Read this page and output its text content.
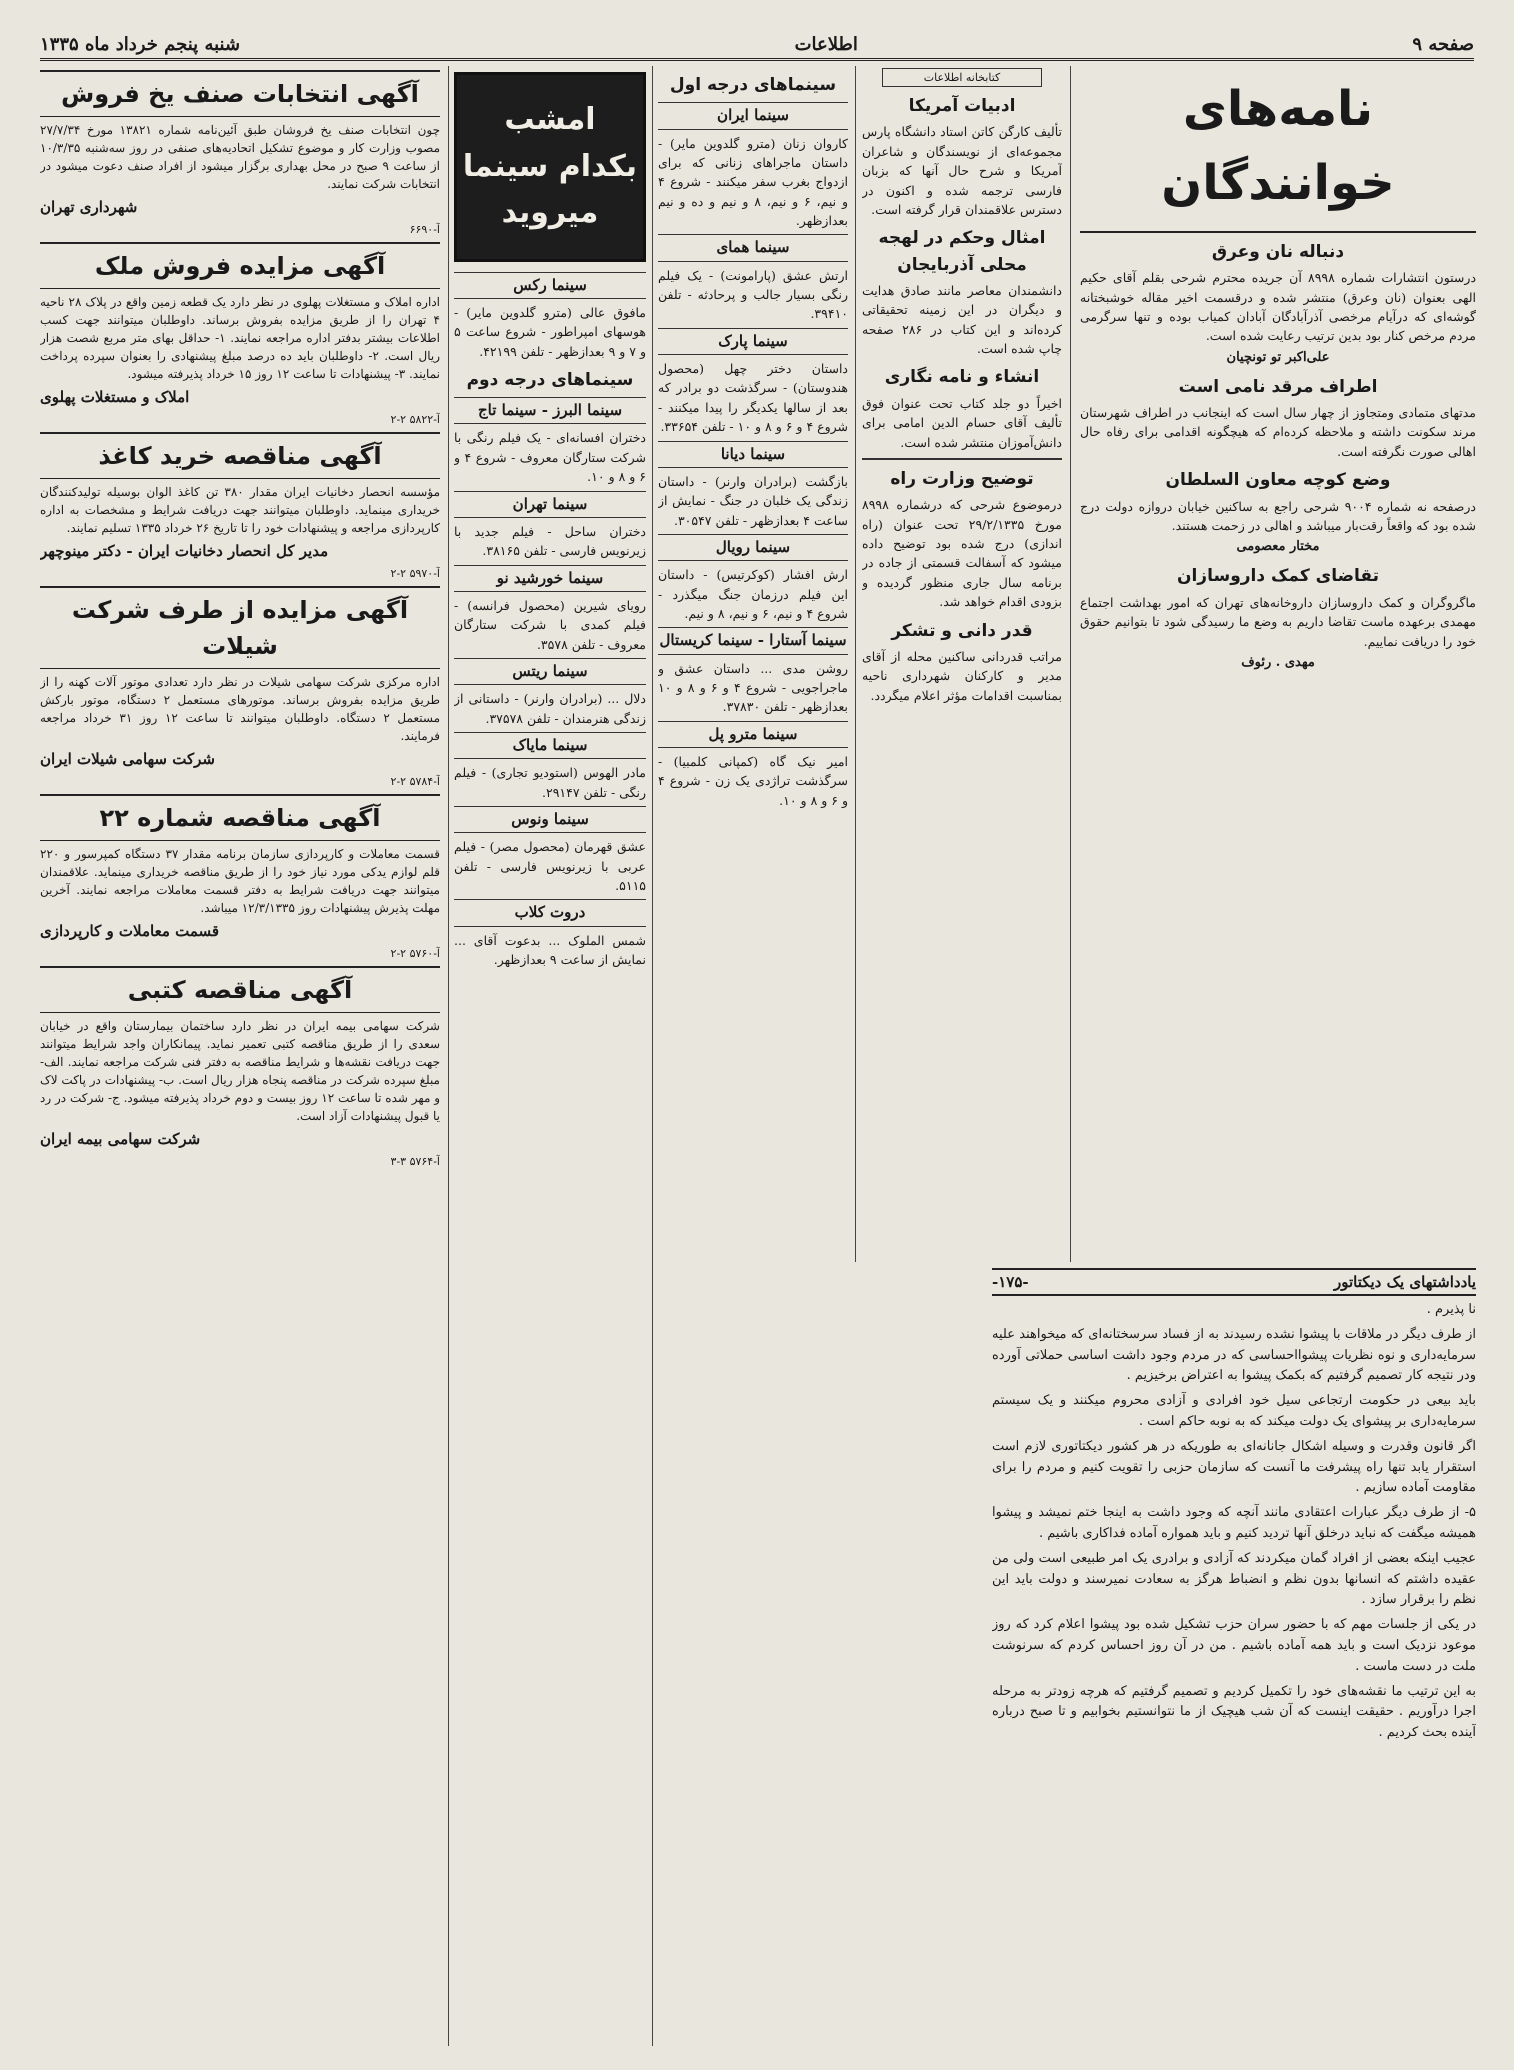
صفحه ۹
اطلاعات
شنبه پنجم خرداد ماه ۱۳۳۵
نامه‌های خوانندگان
دنباله نان وعرق
درستون انتشارات شماره ۸۹۹۸ آن جریده محترم شرحی بقلم آقای حکیم الهی بعنوان (نان وعرق) منتشر شده و درقسمت اخیر مقاله خوشبختانه گوشه‌ای که درآیام مرخصی آذرآبادگان آبادان کمیاب بوده و تنها سرگرمی مردم مرخص کنار بود بدین ترتیب رعایت شده است.
علی‌اکبر تو تونچیان
اطراف مرقد نامی است
مدتهای متمادی ومتجاوز از چهار سال است که اینجانب در اطراف شهرستان مرند سکونت داشته و ملاحظه کرده‌ام که هیچگونه اقدامی برای رفاه حال اهالی صورت نگرفته است.
وضع کوچه معاون السلطان
درصفحه نه شماره ۹۰۰۴ شرحی راجع به ساکنین خیابان دروازه دولت درج شده بود که واقعاً رقت‌بار میباشد و اهالی در زحمت هستند.
مختار معصومی
تقاضای کمک داروسازان
ماگروگران و کمک داروسازان داروخانه‌های تهران که امور بهداشت اجتماع مهمدی برعهده ماست تقاضا داریم به وضع ما رسیدگی شود تا بتوانیم حقوق خود را دریافت نماییم.
مهدی . رئوف
کتابخانه اطلاعات
ادبیات آمریکا
تألیف کارگن کاتن استاد دانشگاه پارس مجموعه‌ای از نویسندگان و شاعران آمریکا و شرح حال آنها که بزبان فارسی ترجمه شده و اکنون در دسترس علاقمندان قرار گرفته است.
امثال وحکم در لهجه محلی آذربایجان
دانشمندان معاصر مانند صادق هدایت و دیگران در این زمینه تحقیقاتی کرده‌اند و این کتاب در ۲۸۶ صفحه چاپ شده است.
انشاء و نامه نگاری
اخیراً دو جلد کتاب تحت عنوان فوق تألیف آقای حسام الدین امامی برای دانش‌آموزان منتشر شده است.
توضیح وزارت راه
درموضوع شرحی که درشماره ۸۹۹۸ مورخ ۲۹/۲/۱۳۳۵ تحت عنوان (راه اندازی)‌ درج شده بود توضیح داده میشود که آسفالت قسمتی از جاده در برنامه سال جاری منظور گردیده و بزودی اقدام خواهد شد.
قدر دانی و تشکر
مراتب قدردانی ساکنین محله از آقای مدیر و کارکنان شهرداری ناحیه بمناسبت اقدامات مؤثر اعلام میگردد.
سینماهای درجه اول
سینما ایران
کاروان زنان (مترو گلدوین مایر) - داستان ماجراهای زنانی که برای ازدواج بغرب سفر میکنند - شروع ۴ و نیم، ۶ و نیم، ۸ و نیم و ده و نیم بعدازظهر.
سینما همای
ارتش عشق (پارامونت) - یک فیلم رنگی بسیار جالب و پرحادثه - تلفن ۳۹۴۱۰.
سینما پارک
داستان دختر چهل (محصول هندوستان) - سرگذشت دو برادر که بعد از سالها یکدیگر را پیدا میکنند - شروع ۴ و ۶ و ۸ و ۱۰ - تلفن ۳۳۶۵۴.
سینما دیانا
بازگشت (برادران وارنر) - داستان زندگی یک خلبان در جنگ - نمایش از ساعت ۴ بعدازظهر - تلفن ۳۰۵۴۷.
سینما رویال
ارش افشار (کوکرتیس) - داستان این فیلم درزمان جنگ میگذرد - شروع ۴ و نیم، ۶ و نیم، ۸ و نیم.
سینما آستارا - سینما کریستال
روشن مدی ... داستان عشق و ماجراجویی - شروع ۴ و ۶ و ۸ و ۱۰ بعدازظهر - تلفن ۳۷۸۳۰.
سینما مترو پل
امیر نیک گاه (کمپانی کلمبیا) - سرگذشت تراژدی یک زن - شروع ۴ و ۶ و ۸ و ۱۰.
امشب بکدام سینما میروید
سینما رکس
مافوق عالی (مترو گلدوین مایر) - هوسهای امپراطور - شروع ساعت ۵ و ۷ و ۹ بعدازظهر - تلفن ۴۲۱۹۹.
سینماهای درجه دوم
سینما البرز - سینما تاج
دختران افسانه‌ای - یک فیلم رنگی با شرکت ستارگان معروف - شروع ۴ و ۶ و ۸ و ۱۰.
سینما تهران
دختران ساحل - فیلم جدید با زیرنویس فارسی - تلفن ۳۸۱۶۵.
سینما خورشید نو
رویای شیرین (محصول فرانسه) - فیلم کمدی با شرکت ستارگان معروف - تلفن ۳۵۷۸.
سینما ریتس
دلال ... (برادران وارنر) - داستانی از زندگی هنرمندان - تلفن ۳۷۵۷۸.
سینما مایاک
مادر الهوس (استودیو تجاری) - فیلم رنگی - تلفن ۲۹۱۴۷.
سینما ونوس
عشق قهرمان (محصول مصر) - فیلم عربی با زیرنویس فارسی - تلفن ۵۱۱۵.
دروت کلاب
شمس الملوک ... بدعوت آقای ... نمایش از ساعت ۹ بعدازظهر.
آگهی انتخابات صنف یخ فروش
چون انتخابات صنف یخ فروشان طبق آئین‌نامه شماره ۱۳۸۲۱ مورخ ۲۷/۷/۳۴ مصوب وزارت کار و موضوع تشکیل اتحادیه‌های صنفی در روز سه‌شنبه ۱۰/۳/۳۵ از ساعت ۹ صبح در محل بهداری برگزار میشود از افراد صنف دعوت میشود در انتخابات شرکت نمایند.
شهرداری تهران
آ-۶۶۹۰
آگهی مزایده فروش ملک
اداره املاک و مستغلات پهلوی در نظر دارد یک قطعه زمین واقع در پلاک ۲۸ ناحیه ۴ تهران را از طریق مزایده بفروش برساند. داوطلبان میتوانند جهت کسب اطلاعات بیشتر بدفتر اداره مراجعه نمایند. ۱- حداقل بهای متر مربع شصت هزار ریال است. ۲- داوطلبان باید ده درصد مبلغ پیشنهادی را بعنوان سپرده پرداخت نمایند. ۳- پیشنهادات تا ساعت ۱۲ روز ۱۵ خرداد پذیرفته میشود.
املاک و مستغلات پهلوی
آ-۵۸۲۲ ۲-۲
آگهی مناقصه خرید کاغذ
مؤسسه انحصار دخانیات ایران مقدار ۳۸۰ تن کاغذ الوان بوسیله تولیدکنندگان خریداری مینماید. داوطلبان میتوانند جهت دریافت شرایط و مشخصات به اداره کارپردازی مراجعه و پیشنهادات خود را تا تاریخ ۲۶ خرداد ۱۳۳۵ تسلیم نمایند.
مدیر کل انحصار دخانیات ایران - دکتر مینوچهر
آ-۵۹۷۰ ۲-۲
آگهی مزایده از طرف شرکت شیلات
اداره مرکزی شرکت سهامی شیلات در نظر دارد تعدادی موتور آلات کهنه را از طریق مزایده بفروش برساند. موتورهای مستعمل ۲ دستگاه، موتور بارکش مستعمل ۲ دستگاه. داوطلبان میتوانند تا ساعت ۱۲ روز ۳۱ خرداد مراجعه فرمایند.
شرکت سهامی شیلات ایران
آ-۵۷۸۴ ۲-۲
آگهی مناقصه شماره ۲۲
قسمت معاملات و کارپردازی سازمان برنامه مقدار ۳۷ دستگاه کمپرسور و ۲۲۰ قلم لوازم یدکی مورد نیاز خود را از طریق مناقصه خریداری مینماید. علاقمندان میتوانند جهت دریافت شرایط به دفتر قسمت معاملات مراجعه نمایند. آخرین مهلت پذیرش پیشنهادات روز ۱۲/۳/۱۳۳۵ میباشد.
قسمت معاملات و کارپردازی
آ-۵۷۶۰ ۲-۲
آگهی مناقصه کتبی
شرکت سهامی بیمه ایران در نظر دارد ساختمان بیمارستان واقع در خیابان سعدی را از طریق مناقصه کتبی تعمیر نماید. پیمانکاران واجد شرایط میتوانند جهت دریافت نقشه‌ها و شرایط مناقصه به دفتر فنی شرکت مراجعه نمایند. الف- مبلغ سپرده شرکت در مناقصه پنجاه هزار ریال است. ب- پیشنهادات در پاکت لاک و مهر شده تا ساعت ۱۲ روز بیست و دوم خرداد پذیرفته میشود. ج- شرکت در رد یا قبول پیشنهادات آزاد است.
شرکت سهامی بیمه ایران
آ-۵۷۶۴ ۳-۳
یادداشتهای یک دیکتاتور
-۱۷۵-

نا پذیرم .

از طرف دیگر در ملاقات با پیشوا نشده رسیدند به از فساد سرسختانه‌ای که میخواهند علیه سرمایه‌داری و نوه نظریات پیشوا‌احساسی که در مردم وجود داشت اساسی حملاتی آورده ودر نتیجه کار تصمیم گرفتیم که بکمک پیشوا به اعتراض برخیزیم .

باید بیعی در حکومت ارتجاعی سیل خود افرادی و آزادی محروم میکنند و یک سیستم سرمایه‌داری بر پیشوای یک دولت میکند که به نوبه حاکم است .

اگر قانون وقدرت و وسیله اشکال جانانه‌ای به طوریکه در هر کشور دیکتاتوری لازم است استقرار یابد تنها راه پیشرفت ما آنست که سازمان حزبی را تقویت کنیم و مردم را برای مقاومت آماده سازیم .

۵- از طرف دیگر عبارات اعتقادی مانند آنچه که وجود داشت به اینجا ختم نمیشد و پیشوا همیشه میگفت که نباید درخلق آنها تردید کنیم و باید همواره آماده فداکاری باشیم .

عجیب اینکه بعضی از افراد گمان میکردند که آزادی و برادری یک امر طبیعی است ولی من عقیده داشتم که انسانها بدون نظم و انضباط هرگز به سعادت نمیرسند و دولت باید این نظم را برقرار سازد .

در یکی از جلسات مهم که با حضور سران حزب تشکیل شده بود پیشوا اعلام کرد که روز موعود نزدیک است و باید همه آماده باشیم . من در آن روز احساس کردم که سرنوشت ملت در دست ماست .

به این ترتیب ما نقشه‌های خود را تکمیل کردیم و تصمیم گرفتیم که هرچه زودتر به مرحله اجرا درآوریم . حقیقت اینست که آن شب هیچیک از ما نتوانستیم بخوابیم و تا صبح درباره آینده بحث کردیم .
